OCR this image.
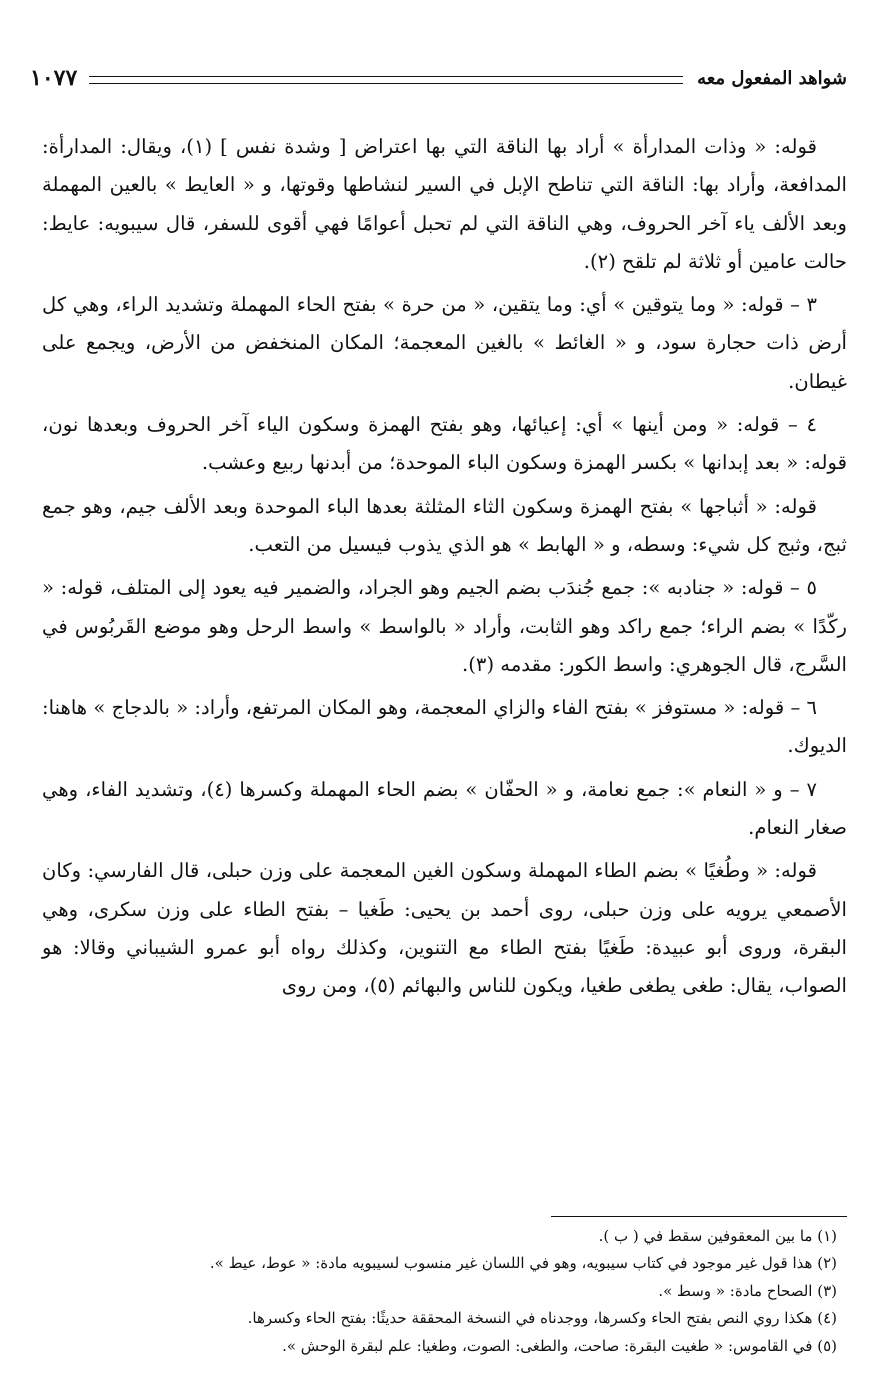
شواهد المفعول معه
١٠٧٧

قوله: « وذات المدارأة » أراد بها الناقة التي بها اعتراض [ وشدة نفس ] (١)، ويقال: المدارأة: المدافعة، وأراد بها: الناقة التي تناطح الإبل في السير لنشاطها وقوتها، و « العايط » بالعين المهملة وبعد الألف ياء آخر الحروف، وهي الناقة التي لم تحبل أعوامًا فهي أقوى للسفر، قال سيبويه: عايط: حالت عامين أو ثلاثة لم تلقح (٢).

٣ – قوله: « وما يتوقين » أي: وما يتقين، « من حرة » بفتح الحاء المهملة وتشديد الراء، وهي كل أرض ذات حجارة سود، و « الغائط » بالغين المعجمة؛ المكان المنخفض من الأرض، ويجمع على غيطان.

٤ – قوله: « ومن أينها » أي: إعيائها، وهو بفتح الهمزة وسكون الياء آخر الحروف وبعدها نون، قوله: « بعد إبدانها » بكسر الهمزة وسكون الباء الموحدة؛ من أبدنها ربيع وعشب.

قوله: « أثباجها » بفتح الهمزة وسكون الثاء المثلثة بعدها الباء الموحدة وبعد الألف جيم، وهو جمع ثبج، وثبج كل شيء: وسطه، و « الهابط » هو الذي يذوب فيسيل من التعب.

٥ – قوله: « جنادبه »: جمع جُندَب بضم الجيم وهو الجراد، والضمير فيه يعود إلى المتلف، قوله: « ركّدًا » بضم الراء؛ جمع راكد وهو الثابت، وأراد « بالواسط » واسط الرحل وهو موضع القَربُوس في السَّرج، قال الجوهري: واسط الكور: مقدمه (٣).

٦ – قوله: « مستوفز » بفتح الفاء والزاي المعجمة، وهو المكان المرتفع، وأراد: « بالدجاج » هاهنا: الديوك.

٧ – و « النعام »: جمع نعامة، و « الحفّان » بضم الحاء المهملة وكسرها (٤)، وتشديد الفاء، وهي صغار النعام.

قوله: « وطُغيًا » بضم الطاء المهملة وسكون الغين المعجمة على وزن حبلى، قال الفارسي: وكان الأصمعي يرويه على وزن حبلى، روى أحمد بن يحيى: طَغيا – بفتح الطاء على وزن سكرى، وهي البقرة، وروى أبو عبيدة: طَغيًا بفتح الطاء مع التنوين، وكذلك رواه أبو عمرو الشيباني وقالا: هو الصواب، يقال: طغى يطغى طغيا، ويكون للناس والبهائم (٥)، ومن روى

(١) ما بين المعقوفين سقط في ( ب ).

(٢) هذا قول غير موجود في كتاب سيبويه، وهو في اللسان غير منسوب لسيبويه مادة: « عوط، عيط ».

(٣) الصحاح مادة: « وسط ».

(٤) هكذا روي النص بفتح الحاء وكسرها، ووجدناه في النسخة المحققة حديثًا: بفتح الحاء وكسرها.

(٥) في القاموس: « طغيت البقرة: صاحت، والطغى: الصوت، وطغيا: علم لبقرة الوحش ».
